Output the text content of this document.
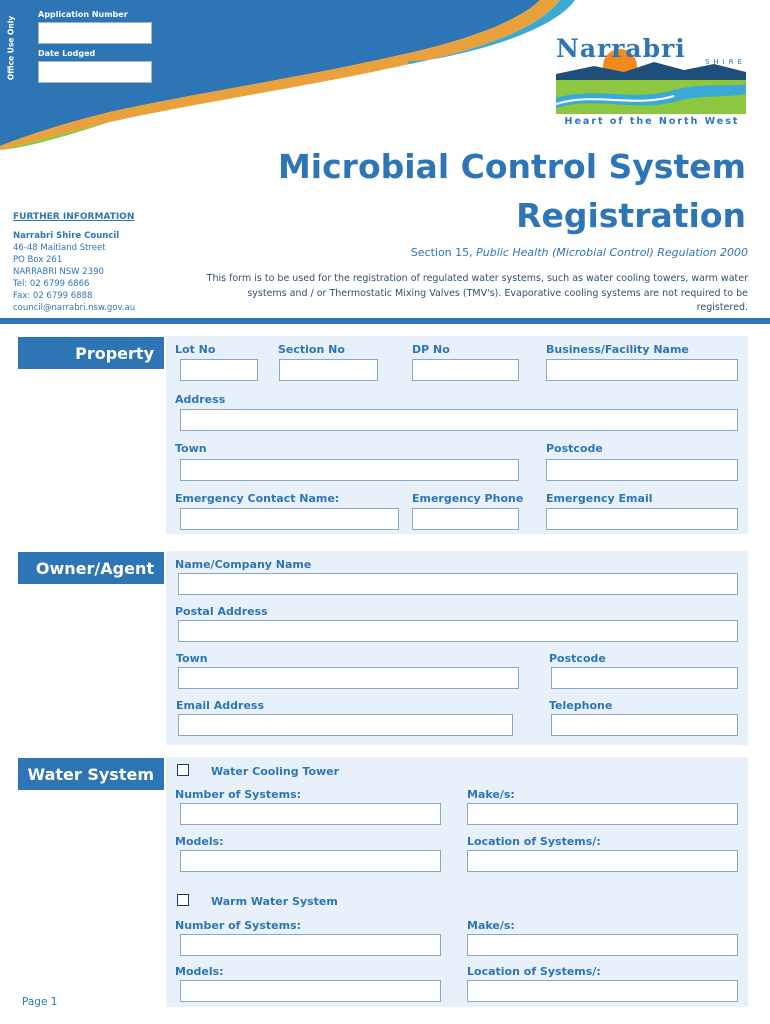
Office Use Only
Application Number
Date Lodged	Narrabri	SHIRE
Heart of the North West
Microbial Control System
Registration
Section 15, Public Health (Microbial Control) Regulation 2000
This form is to be used for the registration of regulated water systems, such as water cooling towers, warm water
systems and / or Thermostatic Mixing Valves (TMV's). Evaporative cooling systems are not required to be
registered.
FURTHER INFORMATION
Narrabri Shire Council
46-48 Maitland Street
PO Box 261
NARRABRI NSW 2390
Tel: 02 6799 6866
Fax: 02 6799 6888
council@narrabri.nsw.gov.au
Property	Lot No	Section No	DP No	Business/Facility Name
Address
Town	Postcode
Emergency Contact Name:	Emergency Phone Emergency Email
Owner/Agent	Name/Company Name
Postal Address
Town	Postcode
Email Address	Telephone
Water System	Water Cooling Tower
Number of Systems:	Make/s:
Models:	Location of Systems/:
Warm Water System
Number of Systems:	Make/s:
Models:	Location of Systems/:
Page 1
